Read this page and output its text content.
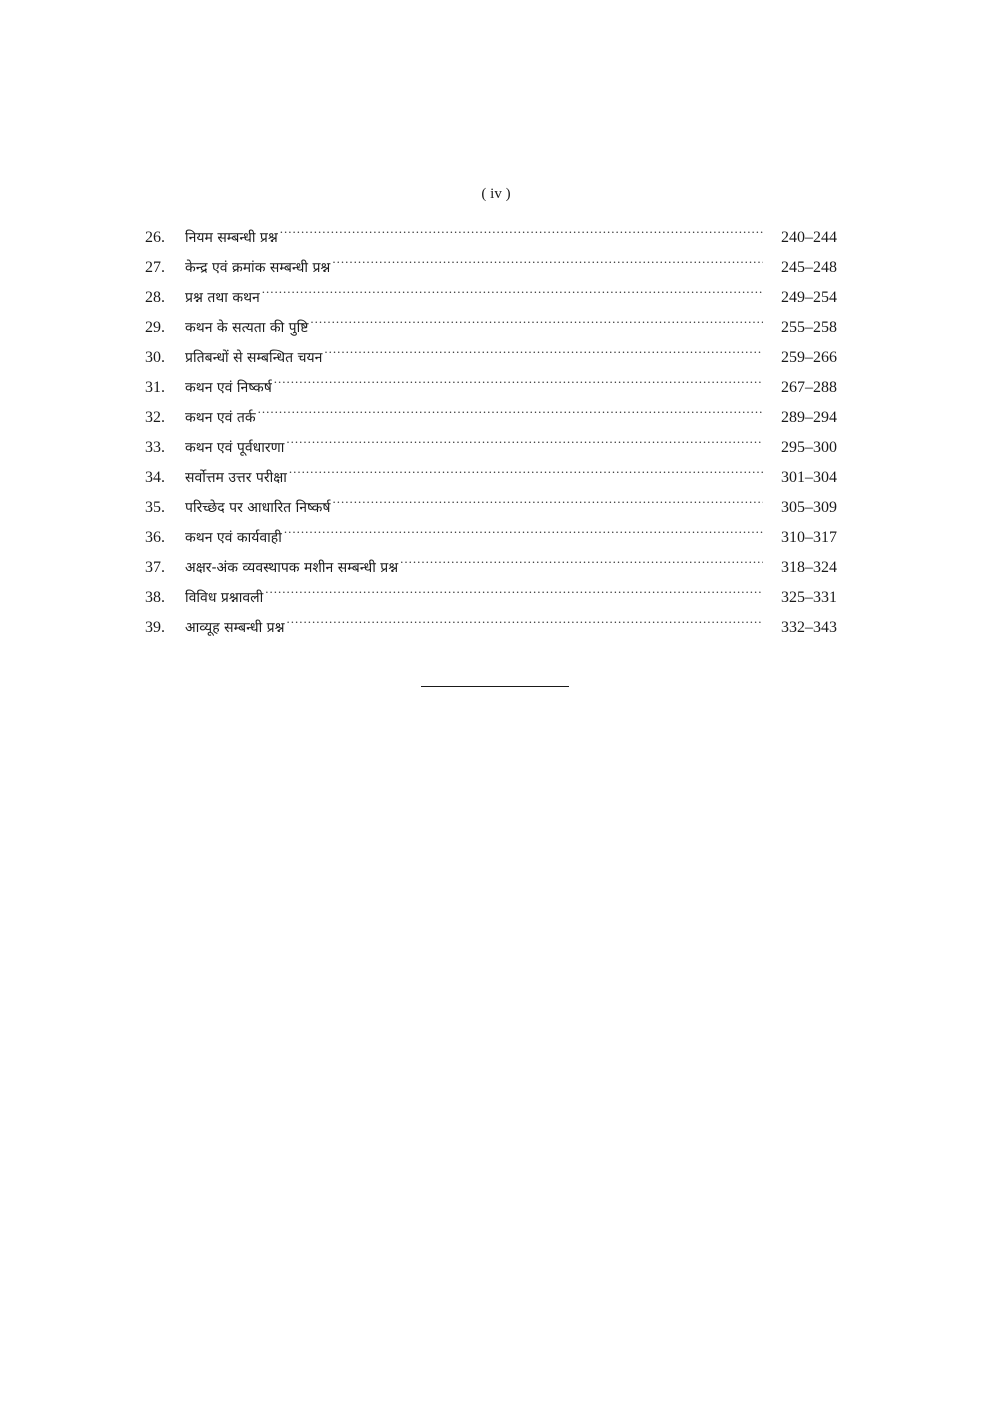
( iv )
26.	नियम सम्बन्धी प्रश्न .....	240–244
27.	केन्द्र एवं क्रमांक सम्बन्धी प्रश्न .....	245–248
28.	प्रश्न तथा कथन .....	249–254
29.	कथन के सत्यता की पुष्टि .....	255–258
30.	प्रतिबन्धों से सम्बन्धित चयन .....	259–266
31.	कथन एवं निष्कर्ष .....	267–288
32.	कथन एवं तर्क .....	289–294
33.	कथन एवं पूर्वधारणा .....	295–300
34.	सर्वोत्तम उत्तर परीक्षा .....	301–304
35.	परिच्छेद पर आधारित निष्कर्ष .....	305–309
36.	कथन एवं कार्यवाही .....	310–317
37.	अक्षर-अंक व्यवस्थापक मशीन सम्बन्धी प्रश्न .....	318–324
38.	विविध प्रश्नावली .....	325–331
39.	आव्यूह सम्बन्धी प्रश्न .....	332–343
